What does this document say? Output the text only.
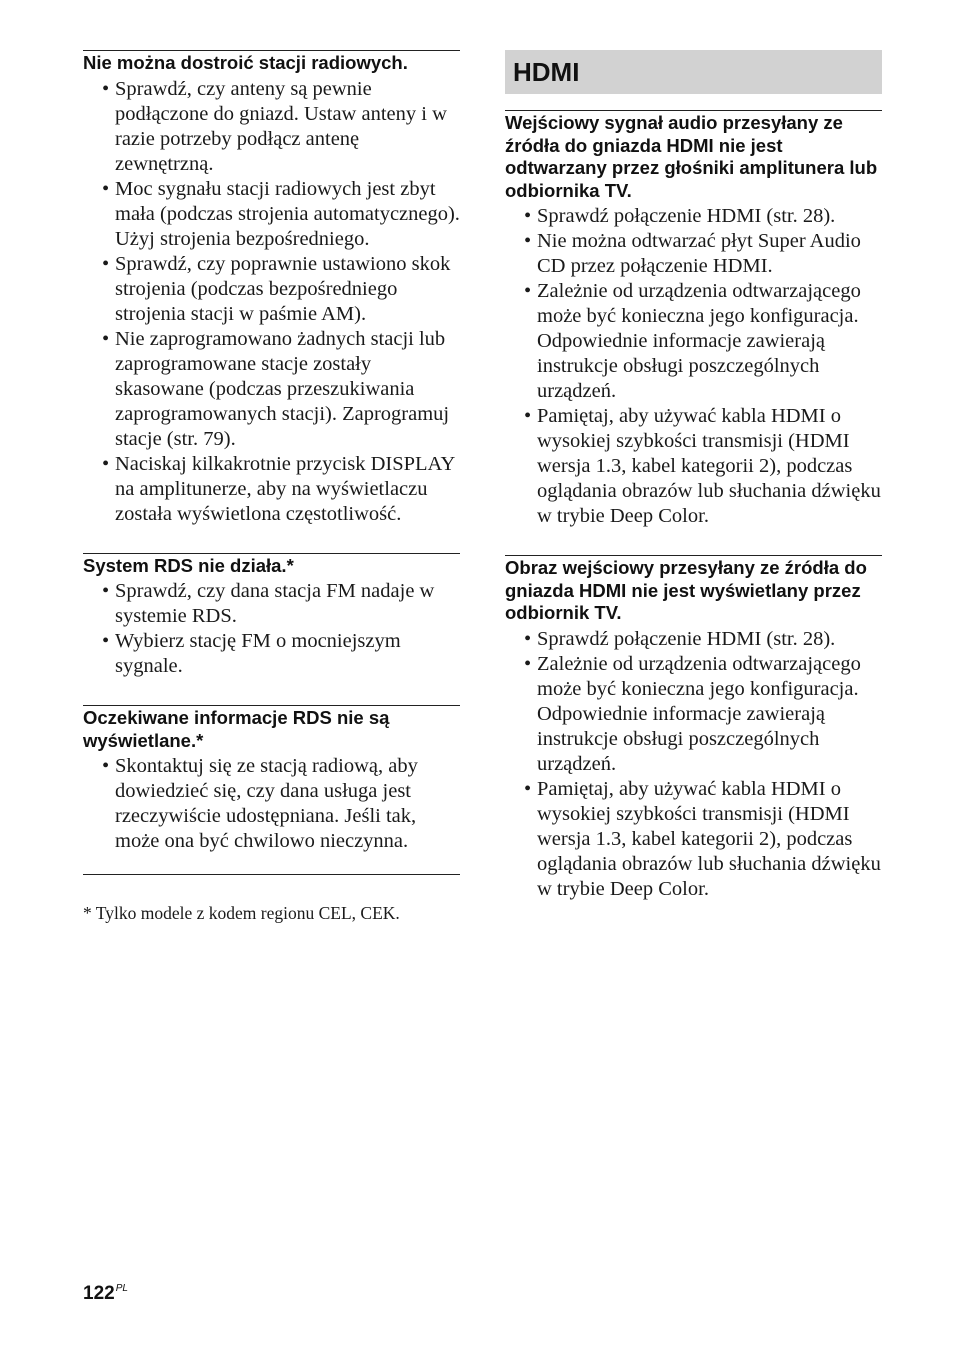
Nie można dostroić stacji radiowych.
• Sprawdź, czy anteny są pewnie podłączone do gniazd. Ustaw anteny i w razie potrzeby podłącz antenę zewnętrzną.
• Moc sygnału stacji radiowych jest zbyt mała (podczas strojenia automatycznego). Użyj strojenia bezpośredniego.
• Sprawdź, czy poprawnie ustawiono skok strojenia (podczas bezpośredniego strojenia stacji w paśmie AM).
• Nie zaprogramowano żadnych stacji lub zaprogramowane stacje zostały skasowane (podczas przeszukiwania zaprogramowanych stacji). Zaprogramuj stacje (str. 79).
• Naciskaj kilkakrotnie przycisk DISPLAY na amplitunerze, aby na wyświetlaczu została wyświetlona częstotliwość.
System RDS nie działa.*
• Sprawdź, czy dana stacja FM nadaje w systemie RDS.
• Wybierz stację FM o mocniejszym sygnale.
Oczekiwane informacje RDS nie są wyświetlane.*
• Skontaktuj się ze stacją radiową, aby dowiedzieć się, czy dana usługa jest rzeczywiście udostępniana. Jeśli tak, może ona być chwilowo nieczynna.
* Tylko modele z kodem regionu CEL, CEK.
HDMI
Wejściowy sygnał audio przesyłany ze źródła do gniazda HDMI nie jest odtwarzany przez głośniki amplitunera lub odbiornika TV.
• Sprawdź połączenie HDMI (str. 28).
• Nie można odtwarzać płyt Super Audio CD przez połączenie HDMI.
• Zależnie od urządzenia odtwarzającego może być konieczna jego konfiguracja. Odpowiednie informacje zawierają instrukcje obsługi poszczególnych urządzeń.
• Pamiętaj, aby używać kabla HDMI o wysokiej szybkości transmisji (HDMI wersja 1.3, kabel kategorii 2), podczas oglądania obrazów lub słuchania dźwięku w trybie Deep Color.
Obraz wejściowy przesyłany ze źródła do gniazda HDMI nie jest wyświetlany przez odbiornik TV.
• Sprawdź połączenie HDMI (str. 28).
• Zależnie od urządzenia odtwarzającego może być konieczna jego konfiguracja. Odpowiednie informacje zawierają instrukcje obsługi poszczególnych urządzeń.
• Pamiętaj, aby używać kabla HDMI o wysokiej szybkości transmisji (HDMI wersja 1.3, kabel kategorii 2), podczas oglądania obrazów lub słuchania dźwięku w trybie Deep Color.
$122^{PL}$
